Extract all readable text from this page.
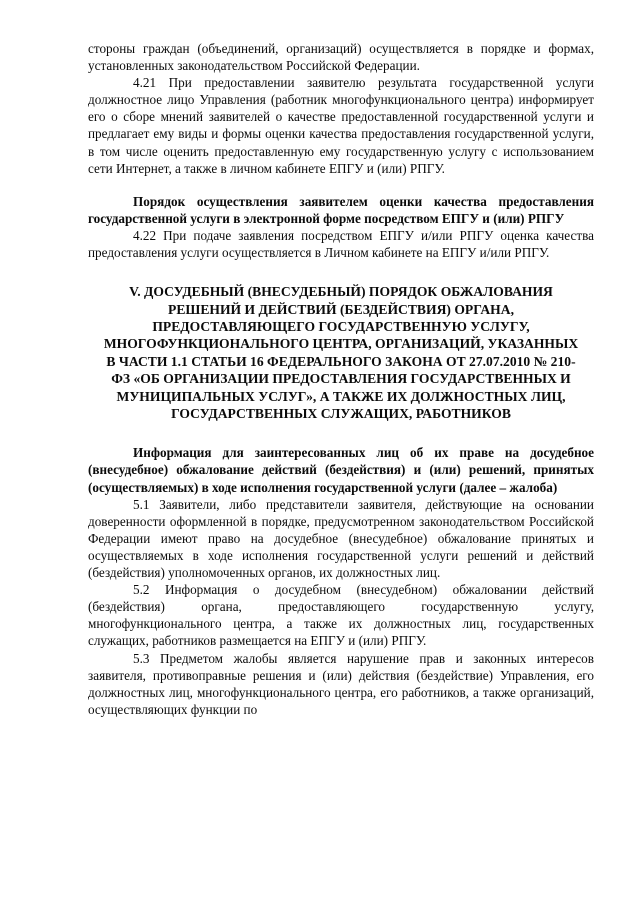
стороны граждан (объединений, организаций) осуществляется в порядке и формах, установленных законодательством Российской Федерации.

4.21 При предоставлении заявителю результата государственной услуги должностное лицо Управления (работник многофункционального центра) информирует его о сборе мнений заявителей о качестве предоставленной государственной услуги и предлагает ему виды и формы оценки качества предоставления государственной услуги, в том числе оценить предоставленную ему государственную услугу с использованием сети Интернет, а также в личном кабинете ЕПГУ и (или) РПГУ.

Порядок осуществления заявителем оценки качества предоставления государственной услуги в электронной форме посредством ЕПГУ и (или) РПГУ

4.22 При подаче заявления посредством ЕПГУ и/или РПГУ оценка качества предоставления услуги осуществляется в Личном кабинете на ЕПГУ и/или РПГУ.

V. ДОСУДЕБНЫЙ (ВНЕСУДЕБНЫЙ) ПОРЯДОК ОБЖАЛОВАНИЯ РЕШЕНИЙ И ДЕЙСТВИЙ (БЕЗДЕЙСТВИЯ) ОРГАНА, ПРЕДОСТАВЛЯЮЩЕГО ГОСУДАРСТВЕННУЮ УСЛУГУ, МНОГОФУНКЦИОНАЛЬНОГО ЦЕНТРА, ОРГАНИЗАЦИЙ, УКАЗАННЫХ В ЧАСТИ 1.1 СТАТЬИ 16 ФЕДЕРАЛЬНОГО ЗАКОНА ОТ 27.07.2010 № 210-ФЗ «ОБ ОРГАНИЗАЦИИ ПРЕДОСТАВЛЕНИЯ ГОСУДАРСТВЕННЫХ И МУНИЦИПАЛЬНЫХ УСЛУГ», А ТАКЖЕ ИХ ДОЛЖНОСТНЫХ ЛИЦ, ГОСУДАРСТВЕННЫХ СЛУЖАЩИХ, РАБОТНИКОВ

Информация для заинтересованных лиц об их праве на досудебное (внесудебное) обжалование действий (бездействия) и (или) решений, принятых (осуществляемых) в ходе исполнения государственной услуги (далее – жалоба)

5.1 Заявители, либо представители заявителя, действующие на основании доверенности оформленной в порядке, предусмотренном законодательством Российской Федерации имеют право на досудебное (внесудебное) обжалование принятых и осуществляемых в ходе исполнения государственной услуги решений и действий (бездействия) уполномоченных органов, их должностных лиц.

5.2 Информация о досудебном (внесудебном) обжаловании действий (бездействия) органа, предоставляющего государственную услугу, многофункционального центра, а также их должностных лиц, государственных служащих, работников размещается на ЕПГУ и (или) РПГУ.

5.3 Предметом жалобы является нарушение прав и законных интересов заявителя, противоправные решения и (или) действия (бездействие) Управления, его должностных лиц, многофункционального центра, его работников, а также организаций, осуществляющих функции по
